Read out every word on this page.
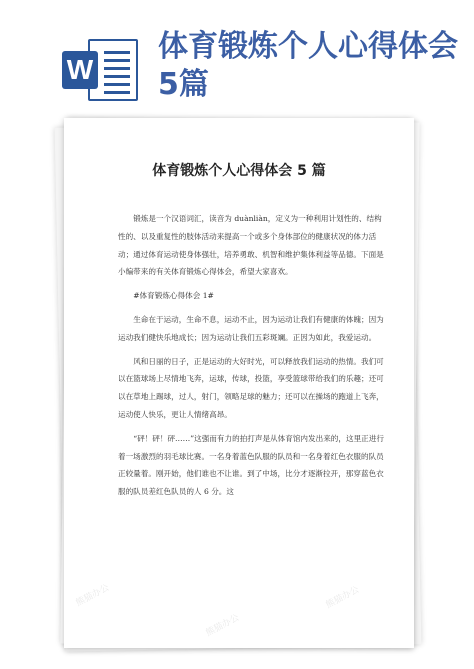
W
体育锻炼个人心得体会5篇
体育锻炼个人心得体会 5 篇

锻炼是一个汉语词汇，读音为 duànliàn，定义为一种利用计划性的、结构性的、以及重复性的肢体活动来提高一个或多个身体部位的健康状况的体力活动；通过体育运动使身体强壮，培养勇敢、机智和维护集体利益等品德。下面是小编带来的有关体育锻炼心得体会，希望大家喜欢。

#体育锻炼心得体会 1#

生命在于运动，生命不息，运动不止，因为运动让我们有健康的体魄；因为运动我们健快乐地成长；因为运动让我们五彩斑斓。正因为如此，我爱运动。

风和日丽的日子，正是运动的大好时光，可以释放我们运动的热情。我们可以在篮球场上尽情地飞奔，运球，传球，投篮，享受篮球带给我们的乐趣；还可以在草地上踢球，过人，射门，领略足球的魅力；还可以在操场的跑道上飞奔，运动使人快乐，更让人情绪高昂。

“砰！砰！砰……”这强而有力的拍打声是从体育馆内发出来的，这里正进行着一场激烈的羽毛球比赛。一名身着蓝色队服的队员和一名身着红色衣服的队员正较量着。刚开始，他们谁也不让谁。到了中场，比分才逐渐拉开，那穿蓝色衣服的队员差红色队员的人 6 分。这

熊猫办公	熊猫办公
熊猫办公
